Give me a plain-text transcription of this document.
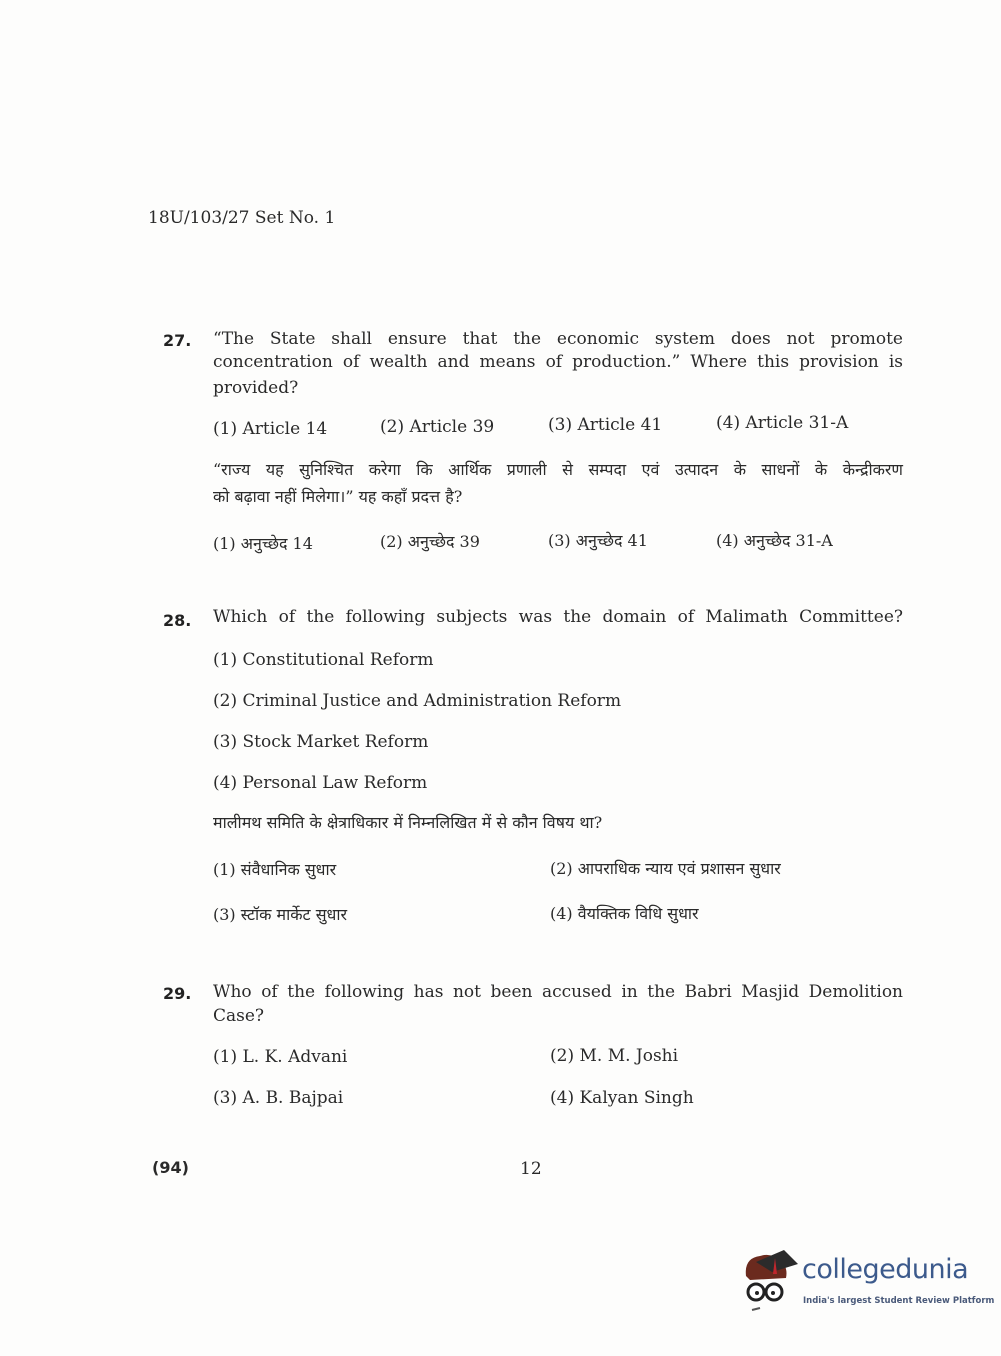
18U/103/27 Set No. 1
27. “The State shall ensure that the economic system does not promote
concentration of wealth and means of production.” Where this provision is
provided?
(1) Article 14	(2) Article 39	(3) Article 41	(4) Article 31-A
“राज्य यह सुनिश्चित करेगा कि आर्थिक प्रणाली से सम्पदा एवं उत्पादन के साधनों के केन्द्रीकरण
को बढ़ावा नहीं मिलेगा।” यह कहाँ प्रदत्त है?
(1) अनुच्छेद 14	(2) अनुच्छेद 39	(3) अनुच्छेद 41	(4) अनुच्छेद 31-A
28. Which of the following subjects was the domain of Malimath Committee?
(1) Constitutional Reform
(2) Criminal Justice and Administration Reform
(3) Stock Market Reform
(4) Personal Law Reform
मालीमथ समिति के क्षेत्राधिकार में निम्नलिखित में से कौन विषय था?
(1) संवैधानिक सुधार	(2) आपराधिक न्याय एवं प्रशासन सुधार
(3) स्टॉक मार्केट सुधार	(4) वैयक्तिक विधि सुधार
29. Who of the following has not been accused in the Babri Masjid Demolition
Case?
(1) L. K. Advani	(2) M. M. Joshi
(3) A. B. Bajpai	(4) Kalyan Singh
(94)	12
collegedunia
India's largest Student Review Platform
